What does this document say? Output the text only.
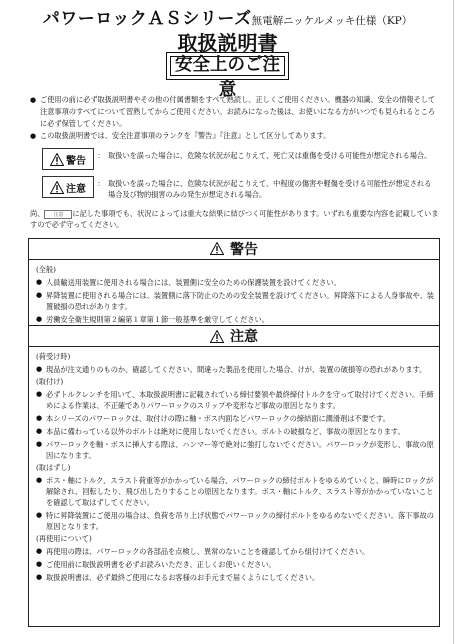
パワーロックＡＳシリーズ無電解ニッケルメッキ仕様（KP）
取扱説明書
安全上のご注意
● ご使用の前に必ず取扱説明書やその他の付属書類をすべて熟読し、正しくご使用ください。機器の知識、安全の情報そして注意事項のすべてについて習熟してからご使用ください。お読みになった後は、お使いになる方がいつでも見られるところに必ず保管してください。
● この取扱説明書では、安全注意事項のランクを『警告』『注意』として区分してあります。
警告	： 取扱いを誤った場合に、危険な状況が起こりえて、死亡又は重傷を受ける可能性が想定される場合。
注意	： 取扱いを誤った場合に、危険な状況が起こりえて、中程度の傷害や軽傷を受ける可能性が想定される場合及び物的損害のみの発生が想定される場合。
尚、 注意 に記した事項でも、状況によっては重大な結果に結びつく可能性があります。いずれも重要な内容を記載していますので必ず守ってください。
警告
(全般)
● 人員輸送用装置に使用される場合には、装置側に安全のための保護装置を設けてください。
● 昇降装置に使用される場合には、装置側に落下防止のための安全装置を設けてください。昇降落下による人身事故や、装置破損の恐れがあります。
● 労働安全衛生規則第２編第１章第１節一般基準を厳守してください。
注意
(荷受け時)
● 現品が注文通りのものか、確認してください。間違った製品を使用した場合、けが、装置の破損等の恐れがあります。
(取付け)
● 必ずトルクレンチを用いて、本取扱説明書に記載されている締付要領や最終締付トルクを守って取付けてください。手締めによる作業は、不正確でありパワーロックのスリップや変形など事故の原因となります。
● 本シリーズのパワーロックは、取付けの際に軸・ボス内面などパワーロックの締結面に潤滑剤は不要です。
● 本品に備わっている以外のボルトは絶対に使用しないでください。ボルトの破損など、事故の原因となります。
● パワーロックを軸・ボスに挿入する際は、ハンマー等で絶対に強打しないでください。パワーロックが変形し、事故の原因になります。
(取はずし)
● ボス・軸にトルク、スラスト荷重等がかかっている場合、パワーロックの締付ボルトをゆるめていくと、瞬時にロックが解除され、回転したり、飛び出したりすることの原因となります。ボス・軸にトルク、スラスト等がかかっていないことを確認して取はずしてください。
● 特に昇降装置にご使用の場合は、負荷を吊り上げ状態でパワーロックの締付ボルトをゆるめないでください。落下事故の原因となります。
(再使用について)
● 再使用の際は、パワーロックの各部品を点検し、異常のないことを確認してから組付けてください。
● ご使用前に取扱説明書を必ずお読みいただき、正しくお使いください。
● 取扱説明書は、必ず最終ご使用になるお客様のお手元まで届くようにしてください。
